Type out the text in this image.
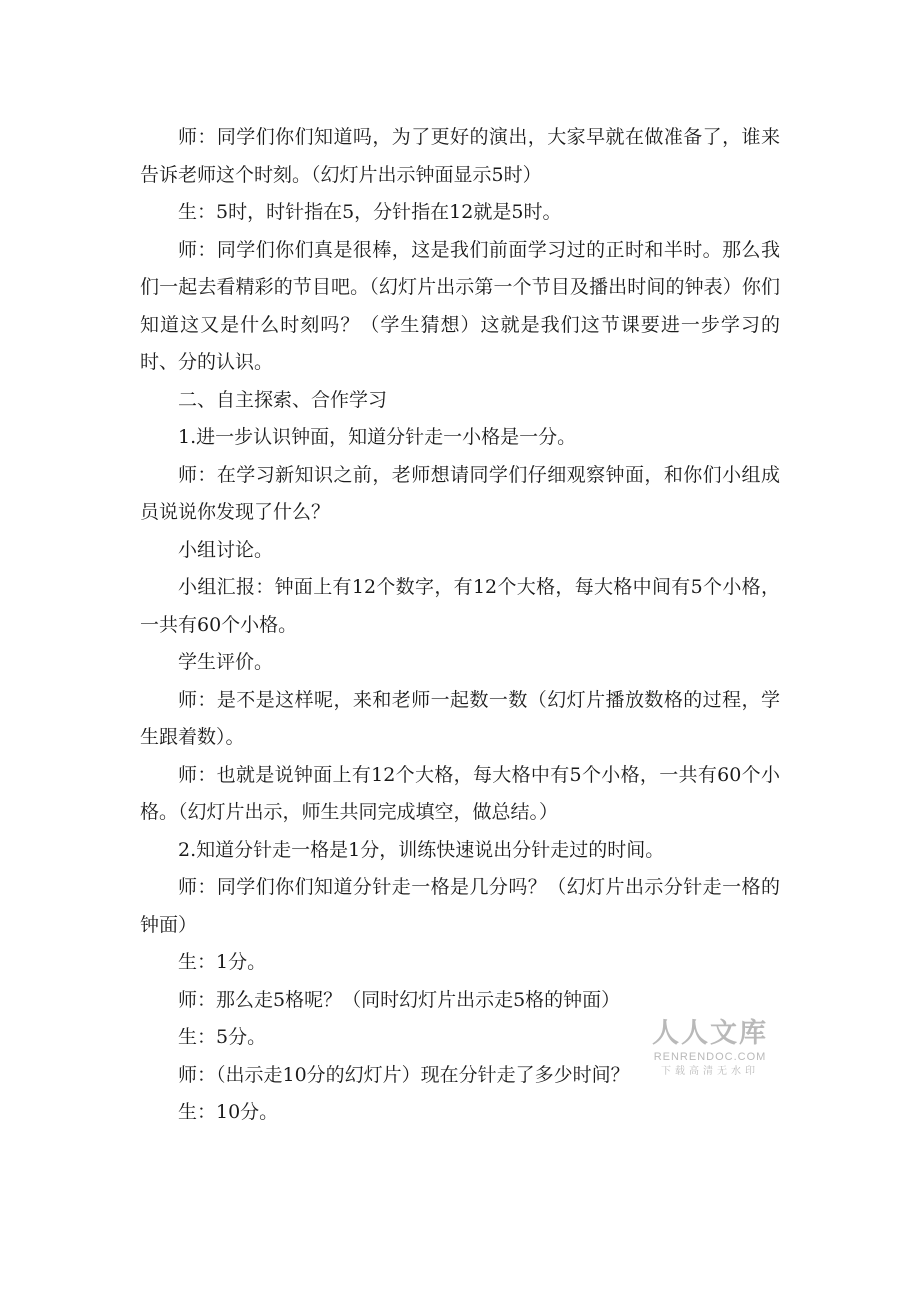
师：同学们你们知道吗，为了更好的演出，大家早就在做准备了，谁来告诉老师这个时刻。（幻灯片出示钟面显示5时）

生：5时，时针指在5，分针指在12就是5时。

师：同学们你们真是很棒，这是我们前面学习过的正时和半时。那么我们一起去看精彩的节目吧。（幻灯片出示第一个节目及播出时间的钟表）你们知道这又是什么时刻吗？（学生猜想）这就是我们这节课要进一步学习的时、分的认识。

二、自主探索、合作学习

1.进一步认识钟面，知道分针走一小格是一分。

师：在学习新知识之前，老师想请同学们仔细观察钟面，和你们小组成员说说你发现了什么？

小组讨论。

小组汇报：钟面上有12个数字，有12个大格，每大格中间有5个小格，一共有60个小格。

学生评价。

师：是不是这样呢，来和老师一起数一数（幻灯片播放数格的过程，学生跟着数）。

师：也就是说钟面上有12个大格，每大格中有5个小格，一共有60个小格。（幻灯片出示，师生共同完成填空，做总结。）

2.知道分针走一格是1分，训练快速说出分针走过的时间。

师：同学们你们知道分针走一格是几分吗？（幻灯片出示分针走一格的钟面）

生：1分。

师：那么走5格呢？（同时幻灯片出示走5格的钟面）

生：5分。

师：（出示走10分的幻灯片）现在分针走了多少时间？

生：10分。

人人文库
RENRENDOC.COM
下载高清无水印
